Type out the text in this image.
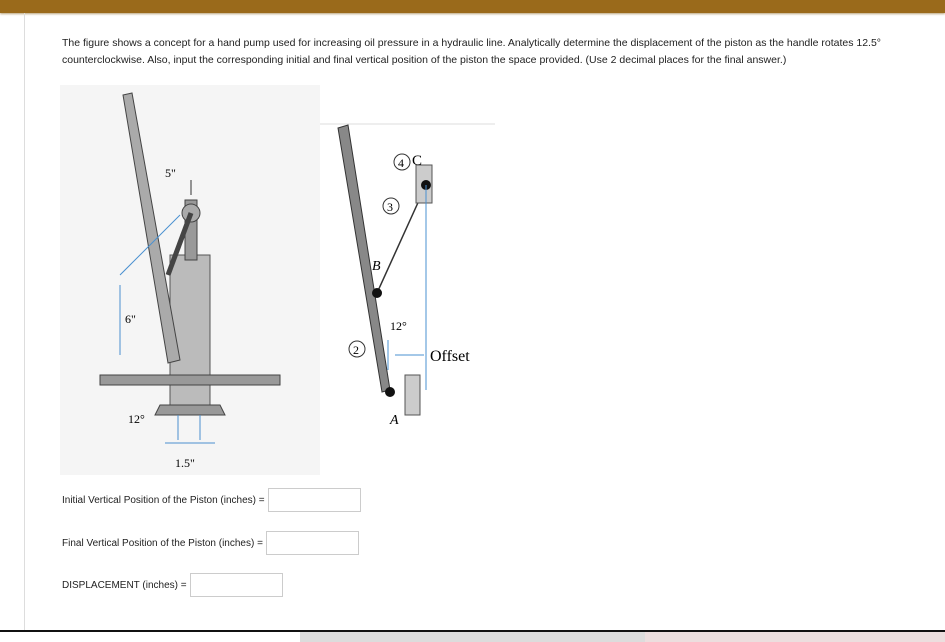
The figure shows a concept for a hand pump used for increasing oil pressure in a hydraulic line. Analytically determine the displacement of the piston as the handle rotates 12.5° counterclockwise. Also, input the corresponding initial and final vertical position of the piston the space provided. (Use 2 decimal places for the final answer.)
5"
6"
12°
1.5"
4 C
3
B
12°
2	Offset
A
Initial Vertical Position of the Piston (inches) =
Final Vertical Position of the Piston (inches) =
DISPLACEMENT (inches) =
